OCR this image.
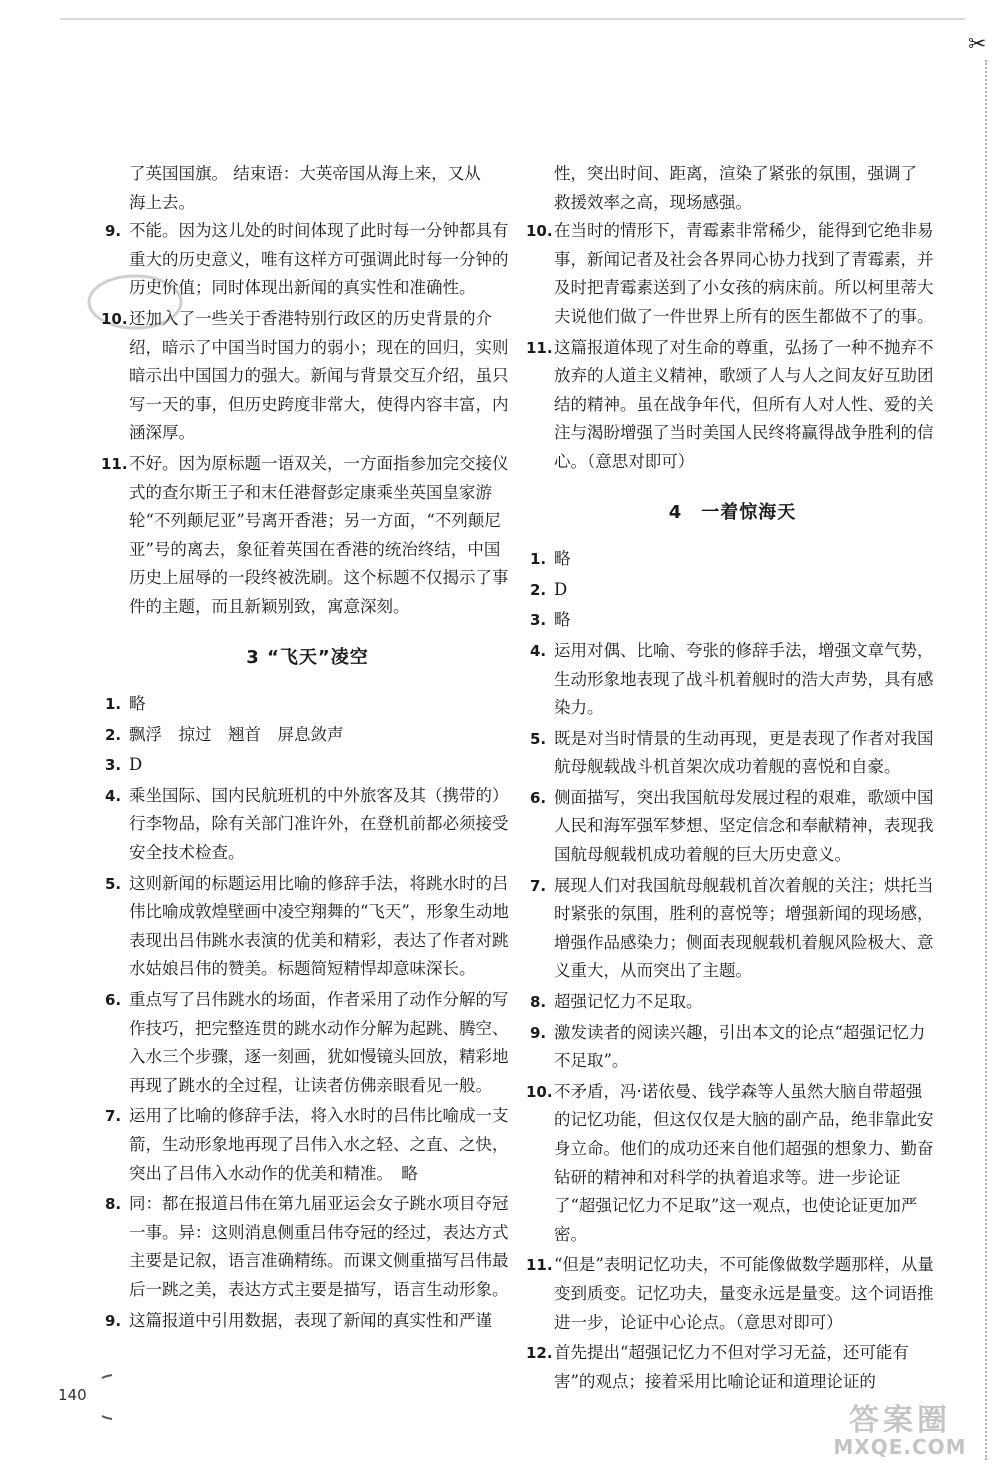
✂

了英国国旗。 结束语：大英帝国从海上来，又从

海上去。

9. 不能。因为这儿处的时间体现了此时每一分钟都具有重大的历史意义，唯有这样方可强调此时每一分钟的历史价值；同时体现出新闻的真实性和准确性。
10. 还加入了一些关于香港特别行政区的历史背景的介绍，暗示了中国当时国力的弱小；现在的回归，实则暗示出中国国力的强大。新闻与背景交互介绍，虽只写一天的事，但历史跨度非常大，使得内容丰富，内涵深厚。
11. 不好。因为原标题一语双关，一方面指参加完交接仪式的查尔斯王子和末任港督彭定康乘坐英国皇家游轮“不列颠尼亚”号离开香港；另一方面，“不列颠尼亚”号的离去，象征着英国在香港的统治终结，中国历史上屈辱的一段终被洗刷。这个标题不仅揭示了事件的主题，而且新颖别致，寓意深刻。
3 “飞天”凌空
1. 略
2. 飘浮　掠过　翘首　屏息敛声
3. D
4. 乘坐国际、国内民航班机的中外旅客及其（携带的）行李物品，除有关部门准许外，在登机前都必须接受安全技术检查。
5. 这则新闻的标题运用比喻的修辞手法，将跳水时的吕伟比喻成敦煌壁画中凌空翔舞的“飞天”，形象生动地表现出吕伟跳水表演的优美和精彩，表达了作者对跳水姑娘吕伟的赞美。标题简短精悍却意味深长。
6. 重点写了吕伟跳水的场面，作者采用了动作分解的写作技巧，把完整连贯的跳水动作分解为起跳、腾空、入水三个步骤，逐一刻画，犹如慢镜头回放，精彩地再现了跳水的全过程，让读者仿佛亲眼看见一般。
7. 运用了比喻的修辞手法，将入水时的吕伟比喻成一支箭，生动形象地再现了吕伟入水之轻、之直、之快，突出了吕伟入水动作的优美和精准。　略
8. 同：都在报道吕伟在第九届亚运会女子跳水项目夺冠一事。异：这则消息侧重吕伟夺冠的经过，表达方式主要是记叙，语言准确精练。而课文侧重描写吕伟最后一跳之美，表达方式主要是描写，语言生动形象。
9. 这篇报道中引用数据，表现了新闻的真实性和严谨

性，突出时间、距离，渲染了紧张的氛围，强调了

救援效率之高，现场感强。

10. 在当时的情形下，青霉素非常稀少，能得到它绝非易事，新闻记者及社会各界同心协力找到了青霉素，并及时把青霉素送到了小女孩的病床前。所以柯里蒂大夫说他们做了一件世界上所有的医生都做不了的事。
11. 这篇报道体现了对生命的尊重，弘扬了一种不抛弃不放弃的人道主义精神，歌颂了人与人之间友好互助团结的精神。虽在战争年代，但所有人对人性、爱的关注与渴盼增强了当时美国人民终将赢得战争胜利的信心。（意思对即可）
4　一着惊海天
1. 略
2. D
3. 略
4. 运用对偶、比喻、夸张的修辞手法，增强文章气势，生动形象地表现了战斗机着舰时的浩大声势，具有感染力。
5. 既是对当时情景的生动再现，更是表现了作者对我国航母舰载战斗机首架次成功着舰的喜悦和自豪。
6. 侧面描写，突出我国航母发展过程的艰难，歌颂中国人民和海军强军梦想、坚定信念和奉献精神，表现我国航母舰载机成功着舰的巨大历史意义。
7. 展现人们对我国航母舰载机首次着舰的关注；烘托当时紧张的氛围，胜利的喜悦等；增强新闻的现场感，增强作品感染力；侧面表现舰载机着舰风险极大、意义重大，从而突出了主题。
8. 超强记忆力不足取。
9. 激发读者的阅读兴趣，引出本文的论点“超强记忆力不足取”。
10. 不矛盾，冯·诺依曼、钱学森等人虽然大脑自带超强的记忆功能，但这仅仅是大脑的副产品，绝非靠此安身立命。他们的成功还来自他们超强的想象力、勤奋钻研的精神和对科学的执着追求等。进一步论证了“超强记忆力不足取”这一观点，也使论证更加严密。
11. “但是”表明记忆功夫，不可能像做数学题那样，从量变到质变。记忆功夫，量变永远是量变。这个词语推进一步，论证中心论点。（意思对即可）
12. 首先提出“超强记忆力不但对学习无益，还可能有害”的观点；接着采用比喻论证和道理论证的
140
答案圈
MXQE.COM
